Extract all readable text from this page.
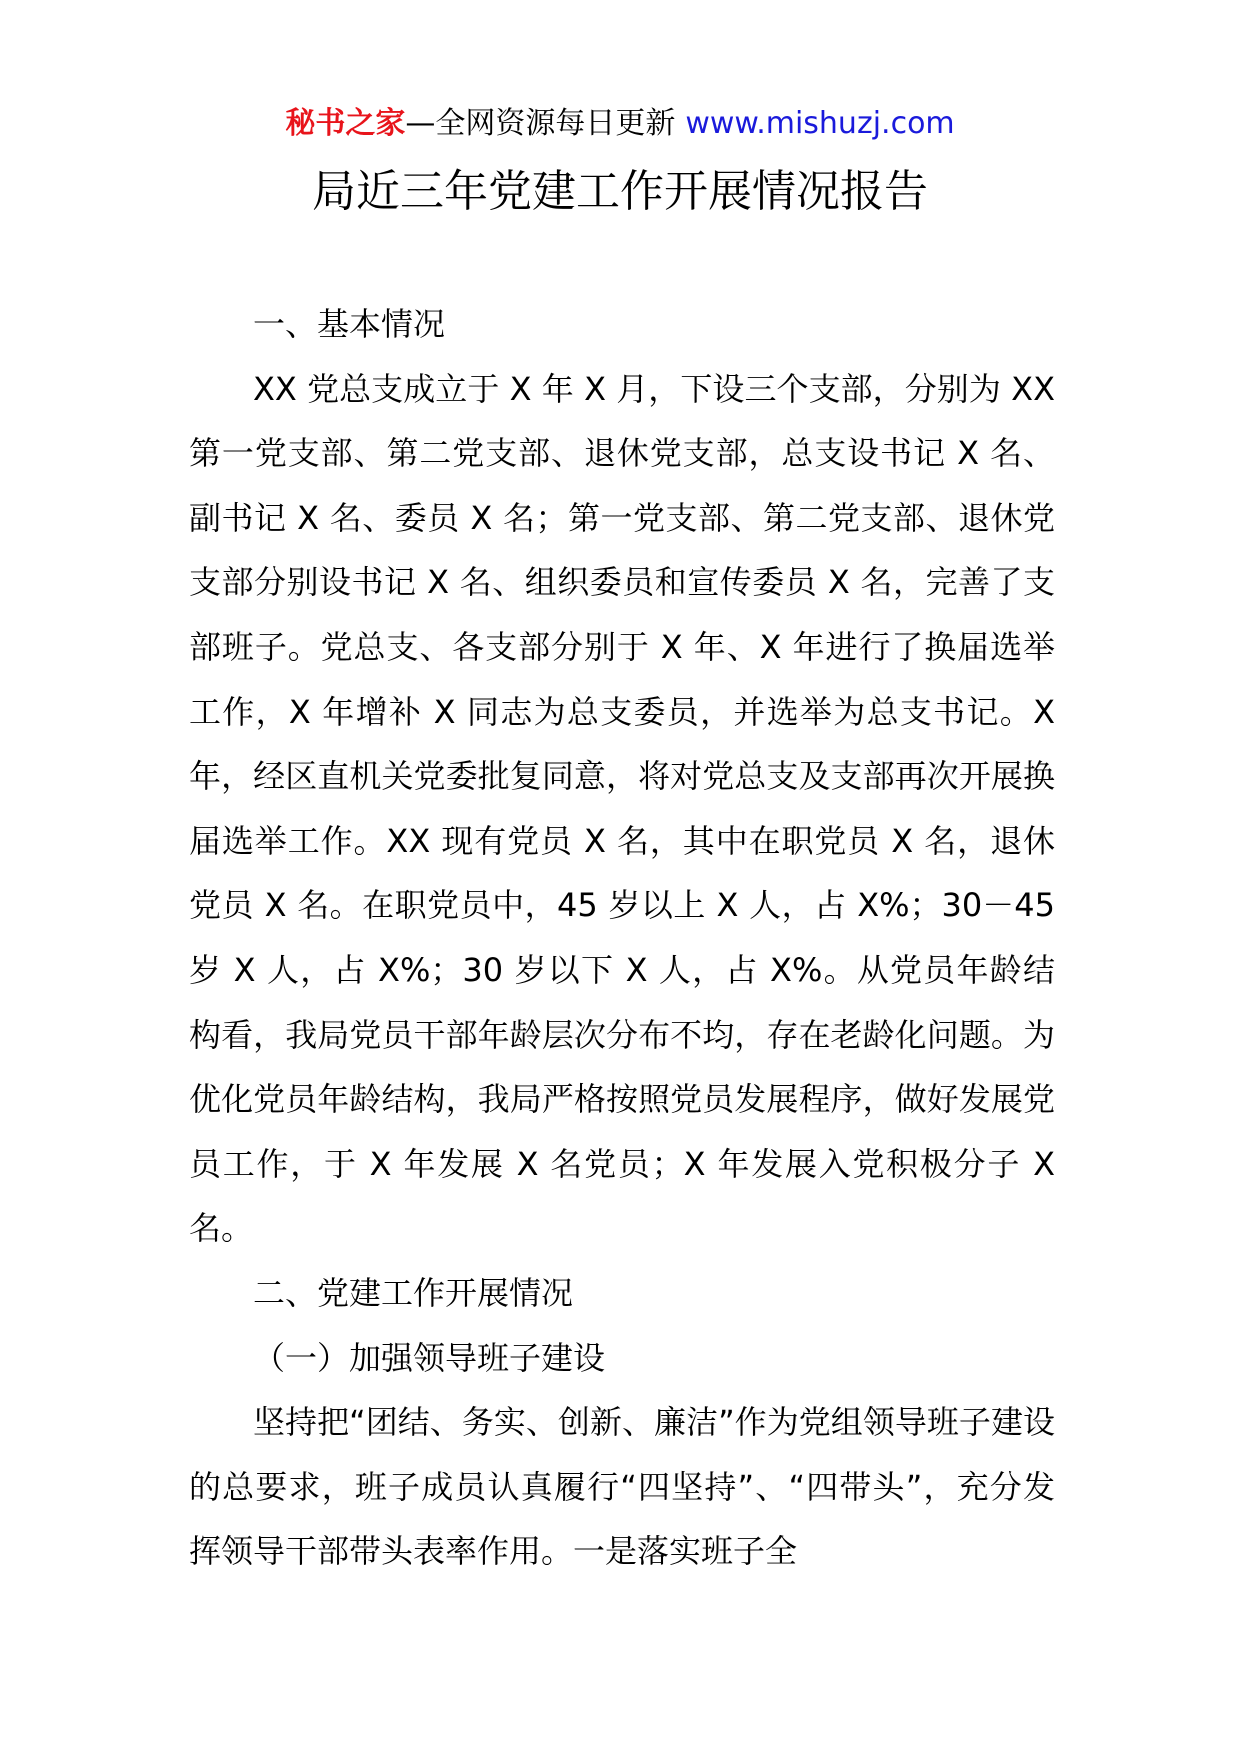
秘书之家—全网资源每日更新 www.mishuzj.com
局近三年党建工作开展情况报告

一、基本情况

XX 党总支成立于 X 年 X 月，下设三个支部，分别为 XX 第一党支部、第二党支部、退休党支部，总支设书记 X 名、副书记 X 名、委员 X 名；第一党支部、第二党支部、退休党支部分别设书记 X 名、组织委员和宣传委员 X 名，完善了支部班子。党总支、各支部分别于 X 年、X 年进行了换届选举工作，X 年增补 X 同志为总支委员，并选举为总支书记。X 年，经区直机关党委批复同意，将对党总支及支部再次开展换届选举工作。XX 现有党员 X 名，其中在职党员 X 名，退休党员 X 名。在职党员中，45 岁以上 X 人，占 X%；30－45 岁 X 人，占 X%；30 岁以下 X 人，占 X%。从党员年龄结构看，我局党员干部年龄层次分布不均，存在老龄化问题。为优化党员年龄结构，我局严格按照党员发展程序，做好发展党员工作，于 X 年发展 X 名党员；X 年发展入党积极分子 X 名。

二、党建工作开展情况

（一）加强领导班子建设

坚持把“团结、务实、创新、廉洁”作为党组领导班子建设的总要求，班子成员认真履行“四坚持”、“四带头”，充分发挥领导干部带头表率作用。一是落实班子全
